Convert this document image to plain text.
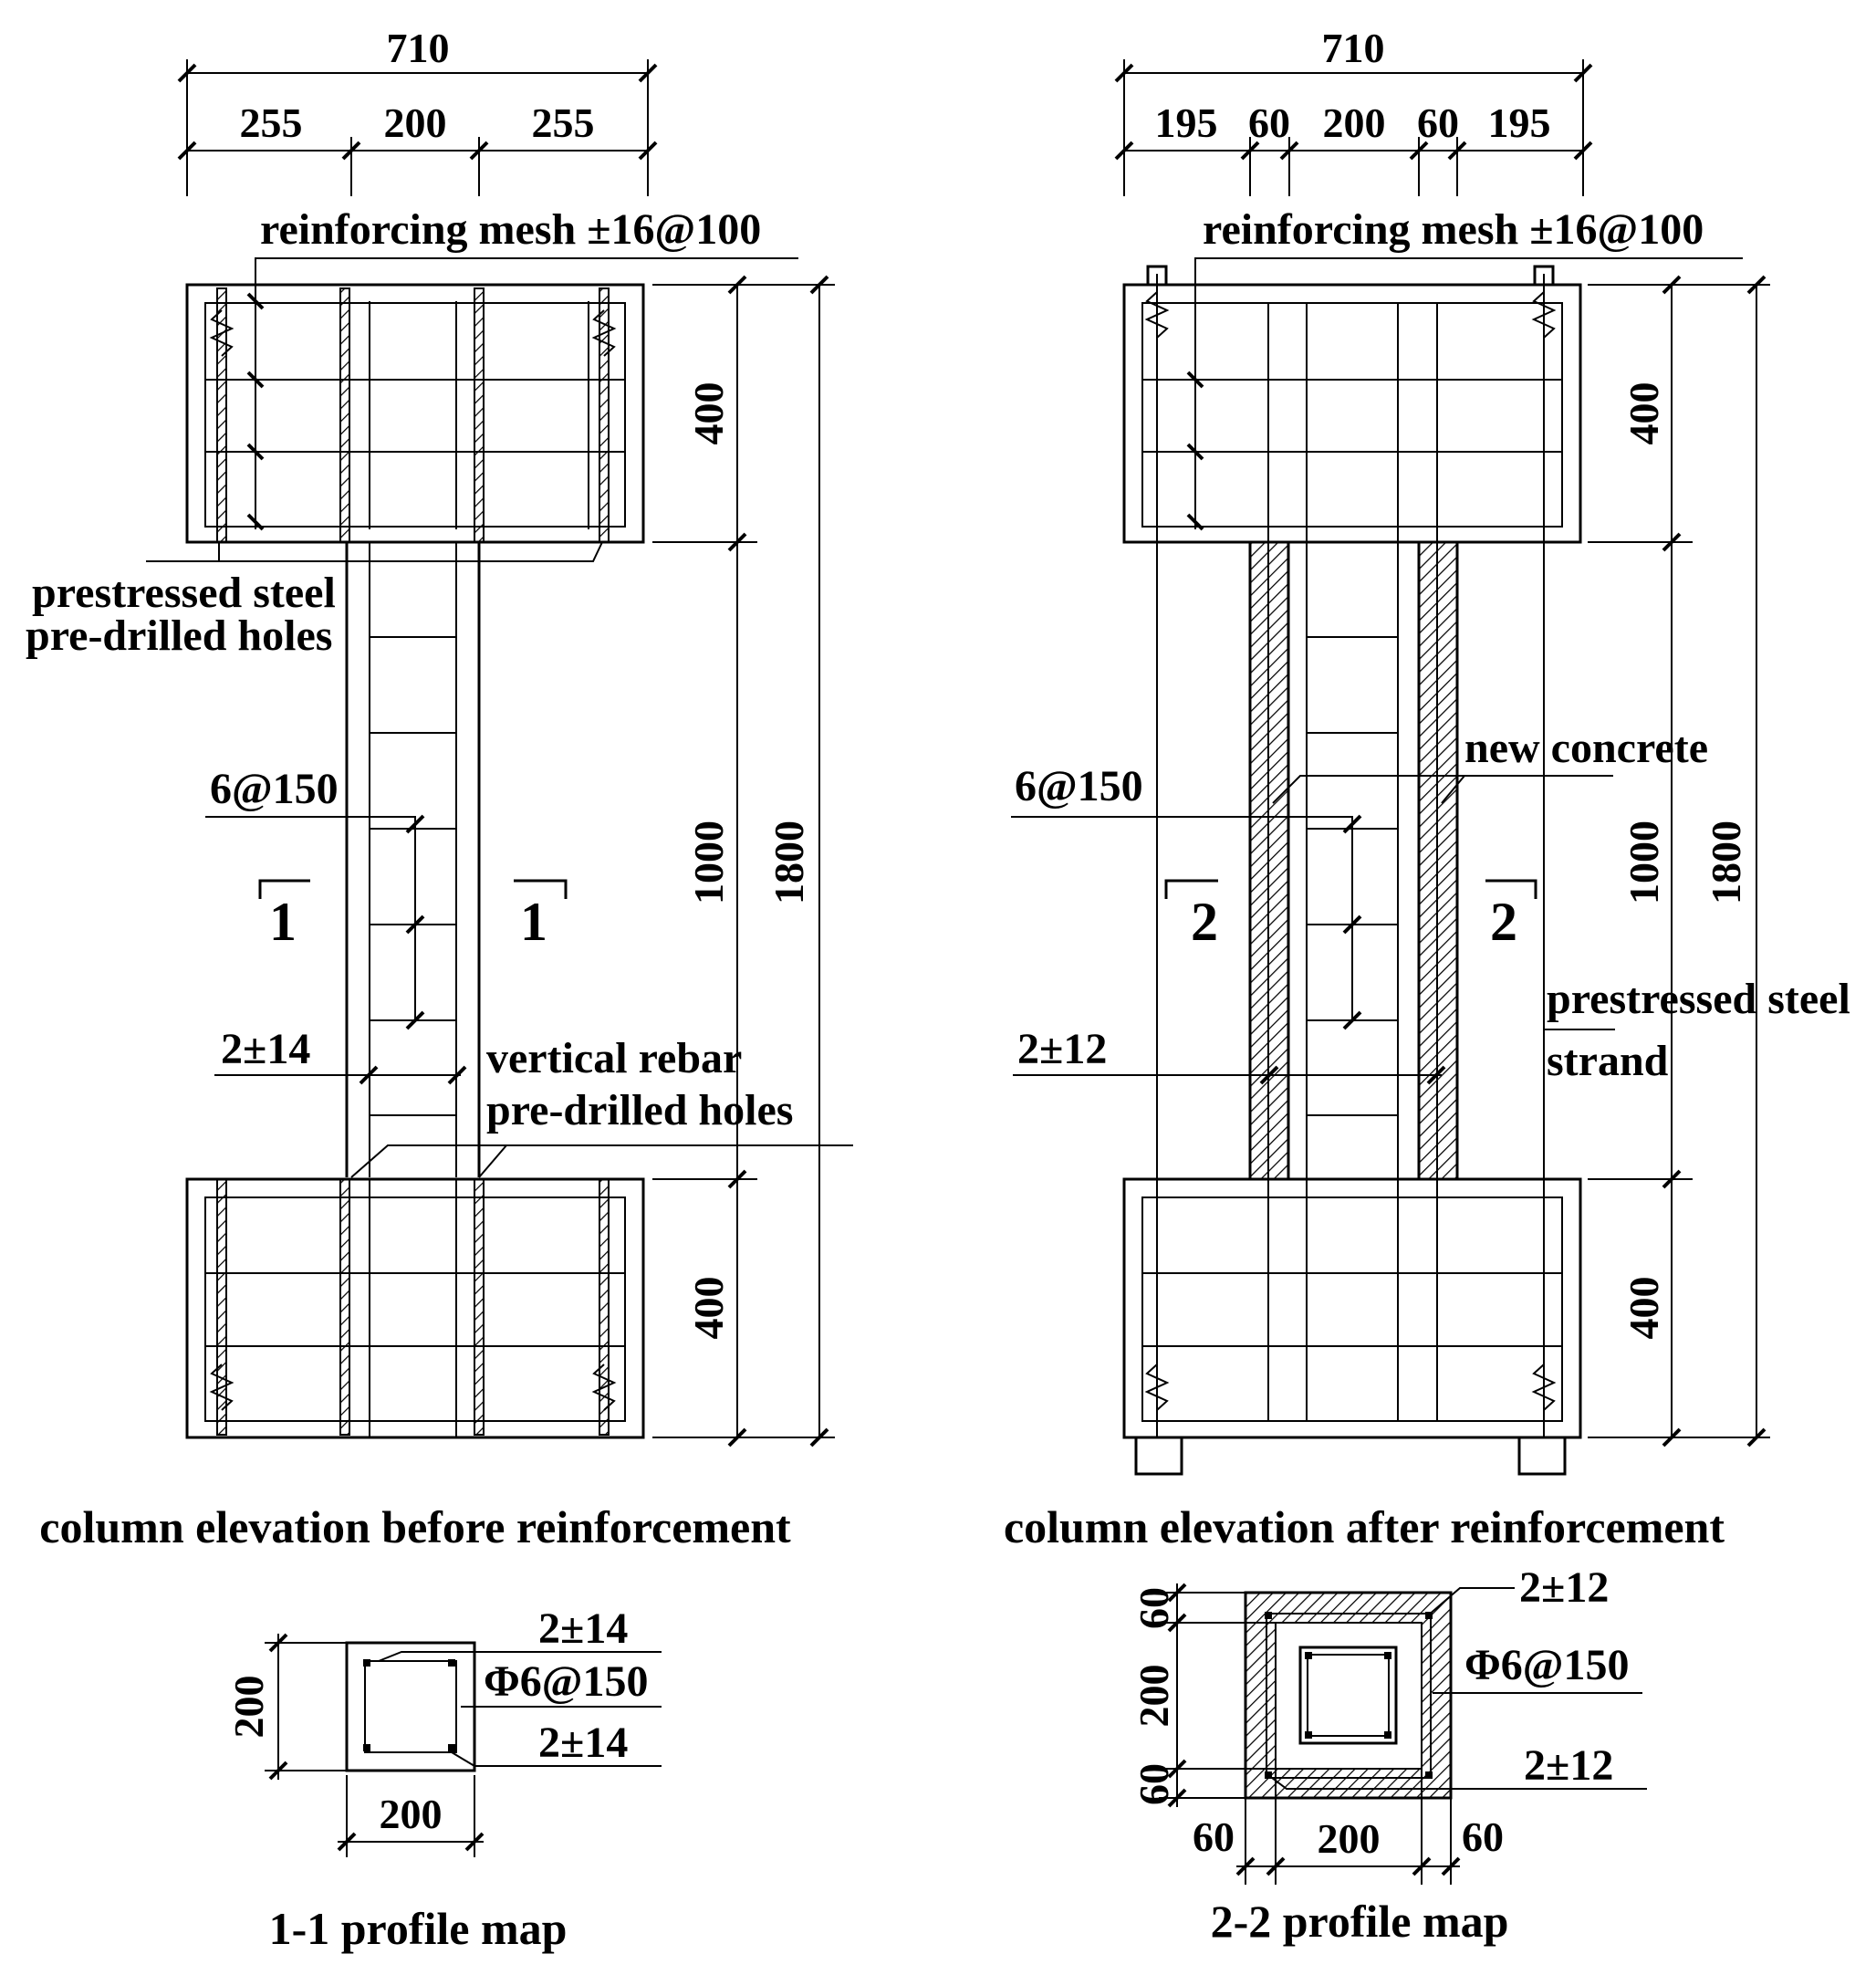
710
255 200 255
reinforcing mesh ±16@100
prestressed steel
pre-drilled holes
6@150
1	1
2±14	vertical rebar
pre-drilled holes
400
1000 1800
400
column elevation before reinforcement
710
195 60 200 60 195
reinforcing mesh ±16@100
new concrete
6@150
2	2
2±12
prestressed steel
strand
400
1000 1800
400
column elevation after reinforcement
2±14
Φ6@150
2±14
200
200
1-1 profile map
2±12
Φ6@150
2±12
60
200
60
60 200 60
2-2 profile map
